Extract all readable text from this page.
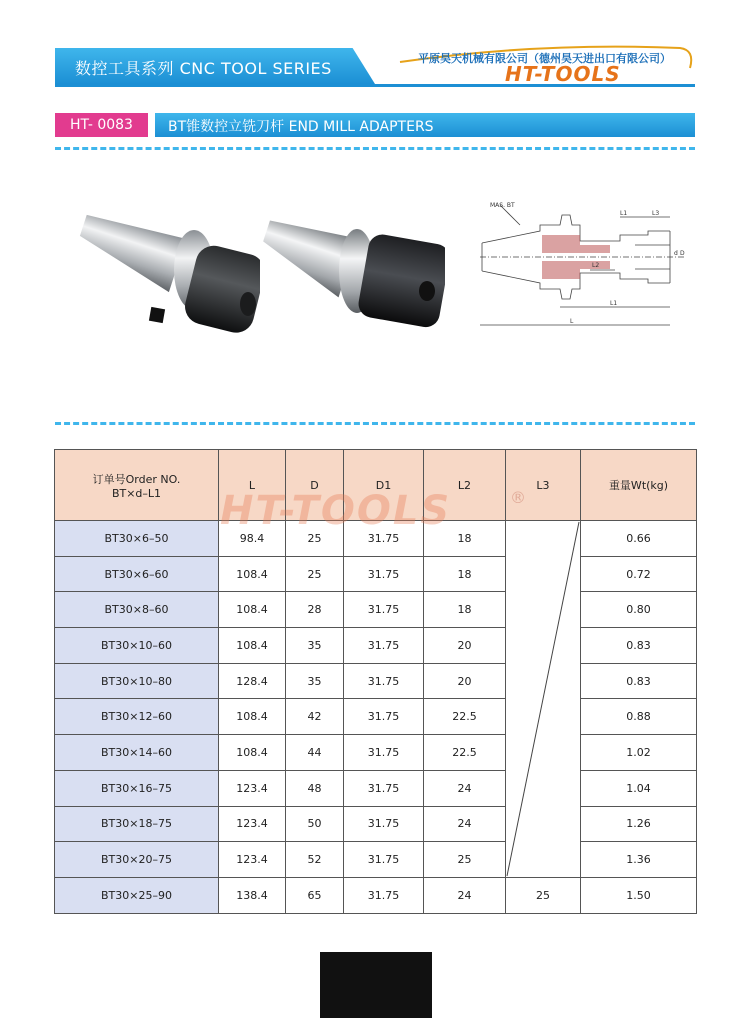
数控工具系列 CNC TOOL SERIES
平原昊天机械有限公司（德州昊天进出口有限公司）
HT-TOOLS
HT- 0083	BT锥数控立铣刀杆 END MILL ADAPTERS
MAS. BT
L1	L3
L2
L1
L
d D
订单号Order NO.
BT×d–L1	L	D	D1	L2	L3	重量Wt(kg)
BT30×6–50	98.4	25	31.75	18		0.66
BT30×6–60	108.4	25	31.75	18		0.72
BT30×8–60	108.4	28	31.75	18		0.80
BT30×10–60	108.4	35	31.75	20		0.83
BT30×10–80	128.4	35	31.75	20		0.83
BT30×12–60	108.4	42	31.75	22.5		0.88
BT30×14–60	108.4	44	31.75	22.5		1.02
BT30×16–75	123.4	48	31.75	24		1.04
BT30×18–75	123.4	50	31.75	24		1.26
BT30×20–75	123.4	52	31.75	25		1.36
BT30×25–90	138.4	65	31.75	24	25	1.50
HT-TOOLS	®
